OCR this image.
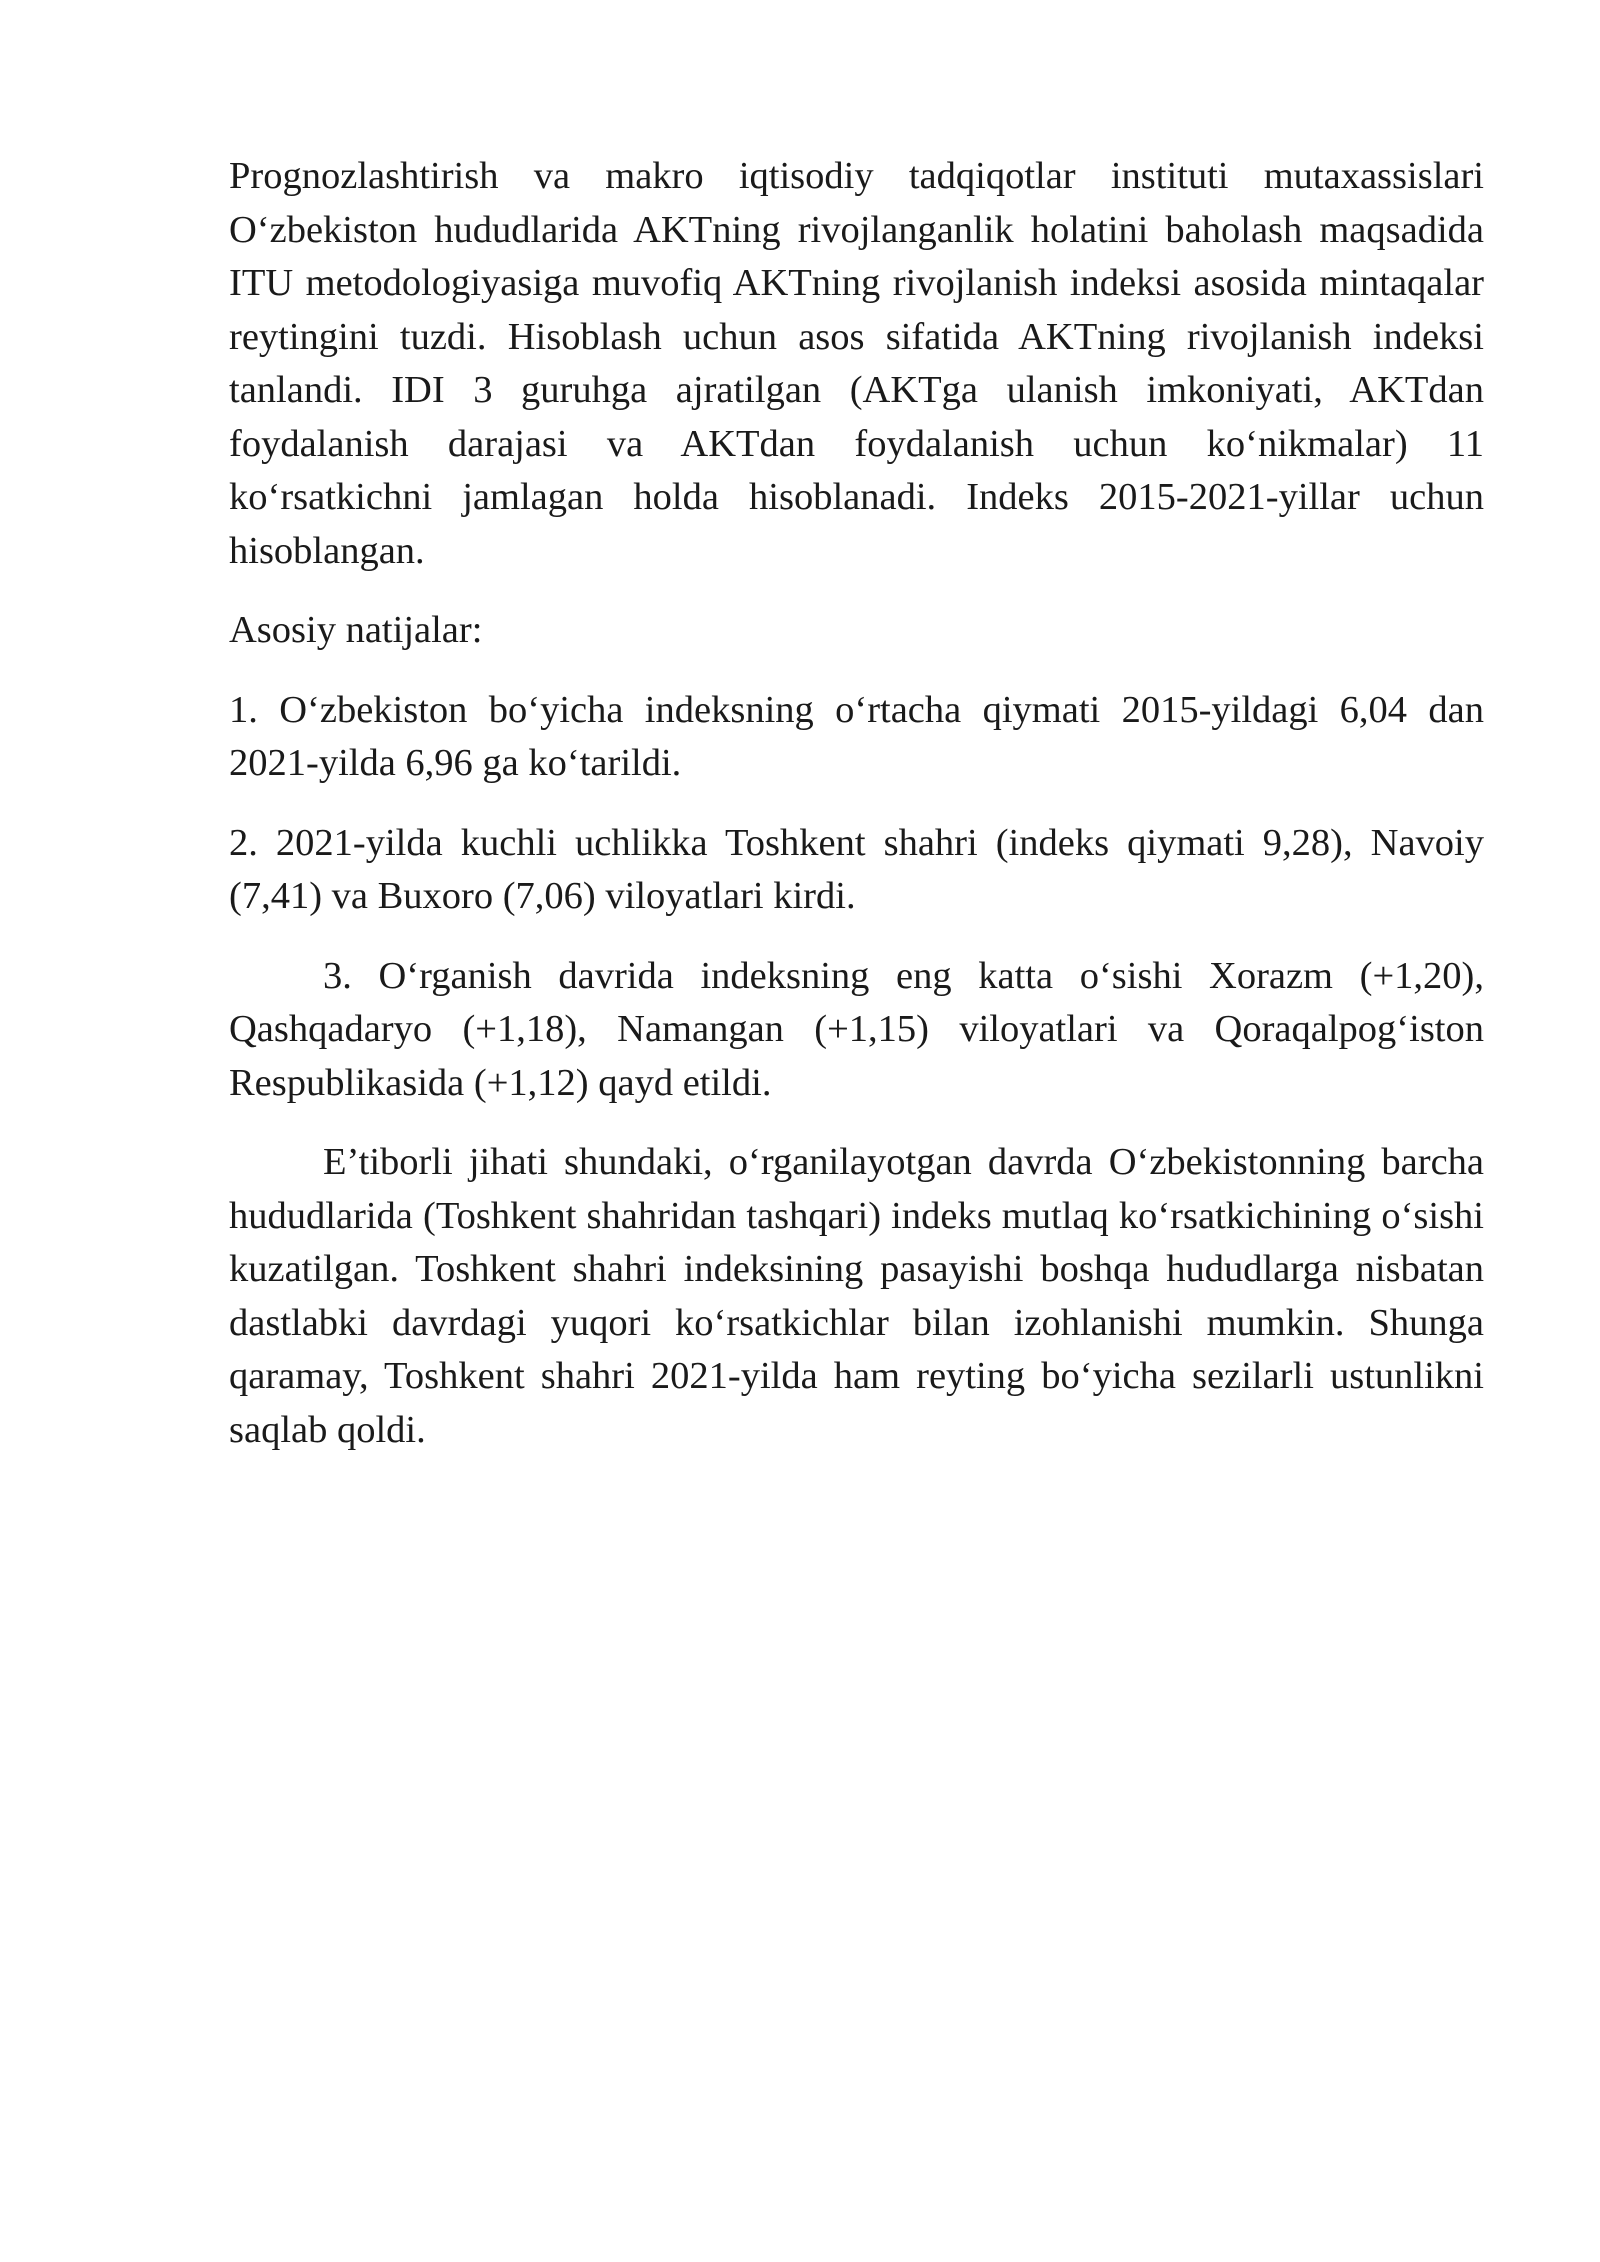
Prognozlashtirish va makro iqtisodiy tadqiqotlar instituti mutaxassislari O‘zbekiston hududlarida AKTning rivojlanganlik holatini baholash maqsadida ITU metodologiyasiga muvofiq AKTning rivojlanish indeksi asosida mintaqalar reytingini tuzdi. Hisoblash uchun asos sifatida AKTning rivojlanish indeksi tanlandi. IDI 3 guruhga ajratilgan (AKTga ulanish imkoniyati, AKTdan foydalanish darajasi va AKTdan foydalanish uchun ko‘nikmalar) 11 ko‘rsatkichni jamlagan holda hisoblanadi. Indeks 2015-2021-yillar uchun hisoblangan.

Asosiy natijalar:

1. O‘zbekiston bo‘yicha indeksning o‘rtacha qiymati 2015-yildagi 6,04 dan 2021-yilda 6,96 ga ko‘tarildi.

2. 2021-yilda kuchli uchlikka Toshkent shahri (indeks qiymati 9,28), Navoiy (7,41) va Buxoro (7,06) viloyatlari kirdi.

3. O‘rganish davrida indeksning eng katta o‘sishi Xorazm (+1,20), Qashqadaryo (+1,18), Namangan (+1,15) viloyatlari va Qoraqalpog‘iston Respublikasida (+1,12) qayd etildi.

E’tiborli jihati shundaki, o‘rganilayotgan davrda O‘zbekistonning barcha hududlarida (Toshkent shahridan tashqari) indeks mutlaq ko‘rsatkichining o‘sishi kuzatilgan. Toshkent shahri indeksining pasayishi boshqa hududlarga nisbatan dastlabki davrdagi yuqori ko‘rsatkichlar bilan izohlanishi mumkin. Shunga qaramay, Toshkent shahri 2021-yilda ham reyting bo‘yicha sezilarli ustunlikni saqlab qoldi.
